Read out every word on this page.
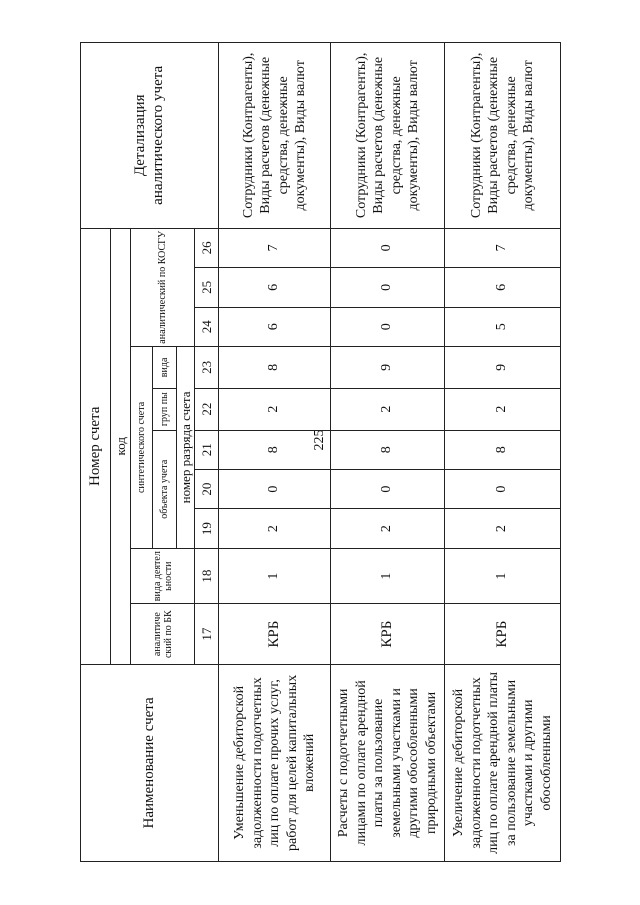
225
Наименование счета	Номер счета										Детализация аналитического учета
	код										
	аналитиче ский по БК	вида деятел ьности	синтетического счета					аналитический по КОСГУ			
			объекта учета			груп пы	вида				
			номер разряда счета								
	17	18	19	20	21	22	23	24	25	26	
Уменьшение дебиторской задолженности подотчетных лиц по оплате прочих услуг, работ для целей капитальных вложений	КРБ	1	2	0	8	2	8	6	6	7	Сотрудники (Контрагенты), Виды расчетов (денежные средства, денежные документы), Виды валют
Расчеты с подотчетными лицами по оплате арендной платы за пользование земельными участками и другими обособленными природными объектами	КРБ	1	2	0	8	2	9	0	0	0	Сотрудники (Контрагенты), Виды расчетов (денежные средства, денежные документы), Виды валют
Увеличение дебиторской задолженности подотчетных лиц по оплате арендной платы за пользование земельными участками и другими обособленными	КРБ	1	2	0	8	2	9	5	6	7	Сотрудники (Контрагенты), Виды расчетов (денежные средства, денежные документы), Виды валют
